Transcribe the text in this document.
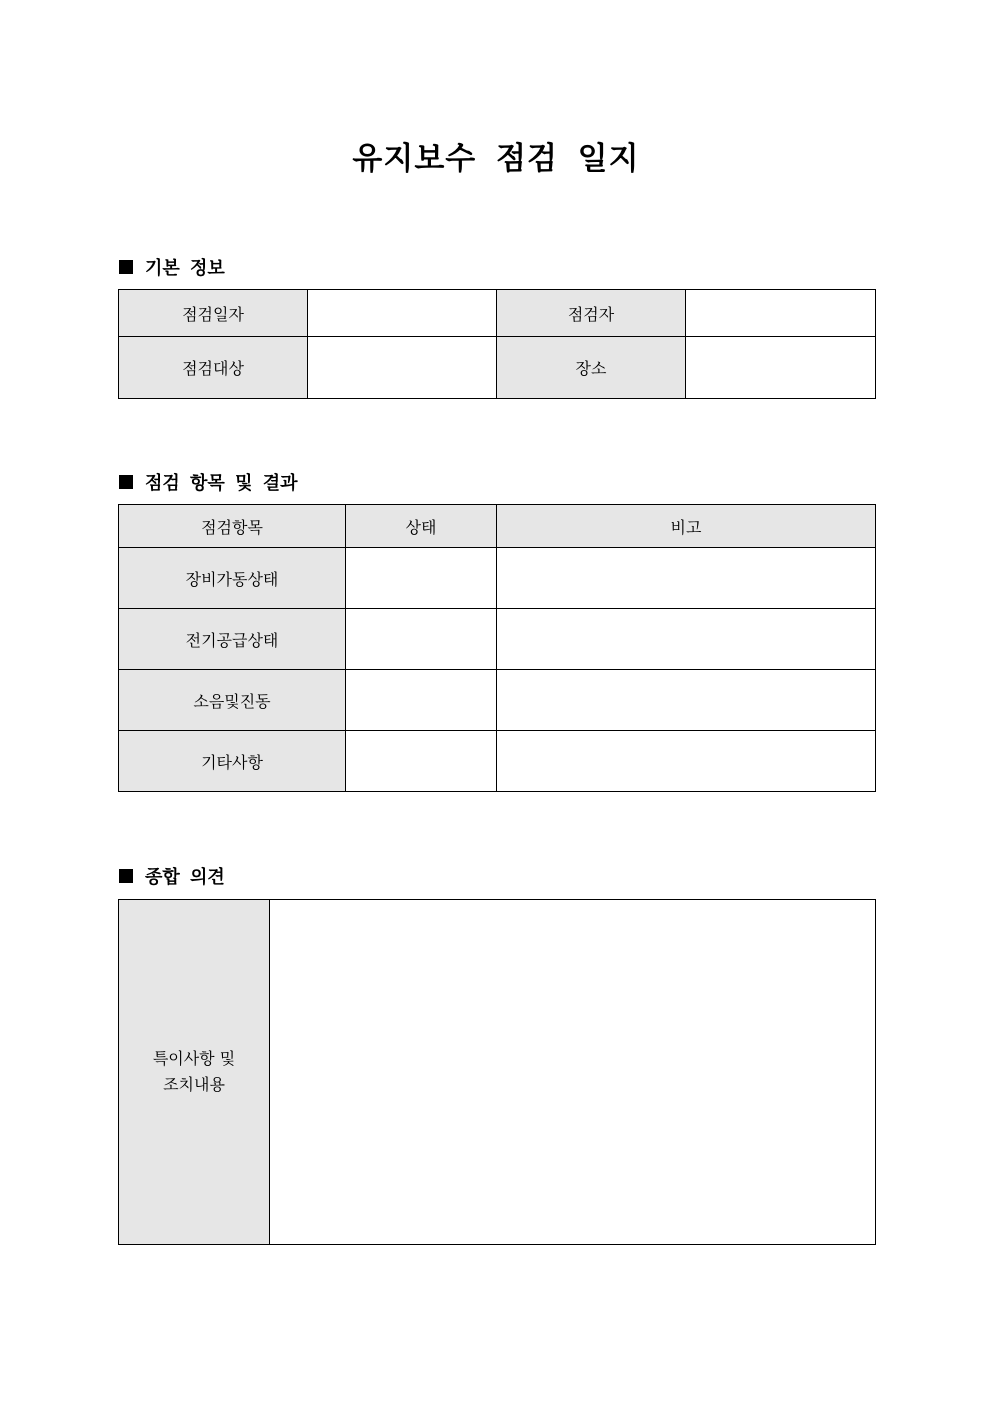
유지보수 점검 일지
기본 정보
점검일자		점검자	
점검대상		장소	
점검 항목 및 결과
점검항목	상태	비고
장비가동상태		
전기공급상태		
소음및진동		
기타사항		
종합 의견
특이사항 및
조치내용
